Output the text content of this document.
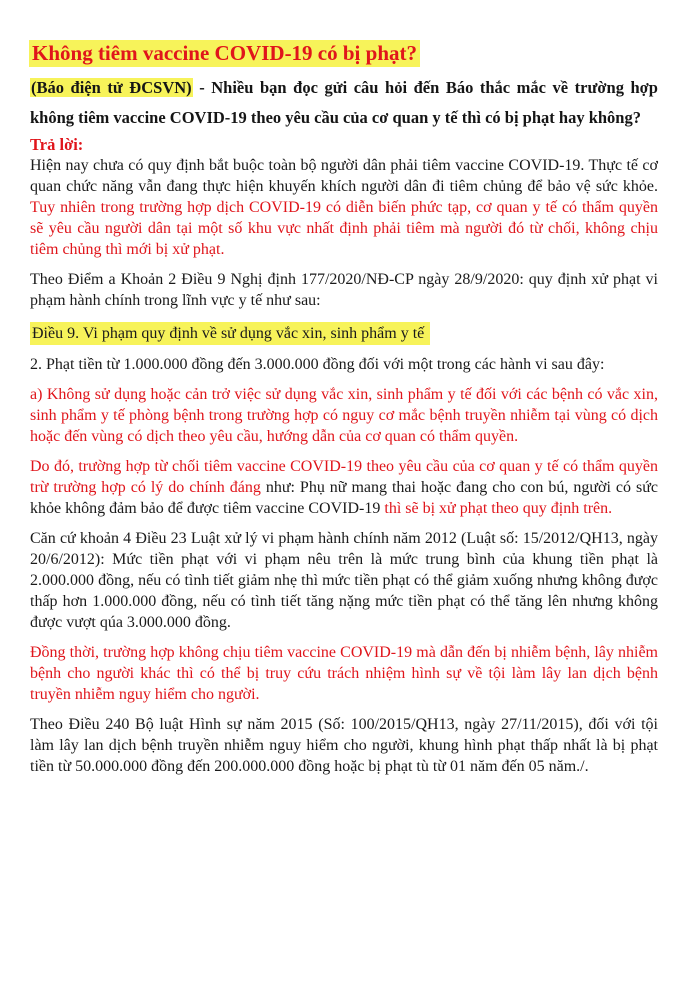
Không tiêm vaccine COVID-19 có bị phạt?

(Báo điện tử ĐCSVN) - Nhiều bạn đọc gửi câu hỏi đến Báo thắc mắc về trường hợp không tiêm vaccine COVID-19 theo yêu cầu của cơ quan y tế thì có bị phạt hay không?

Trả lời:

Hiện nay chưa có quy định bắt buộc toàn bộ người dân phải tiêm vaccine COVID-19. Thực tế cơ quan chức năng vẫn đang thực hiện khuyến khích người dân đi tiêm chủng để bảo vệ sức khỏe. Tuy nhiên trong trường hợp dịch COVID-19 có diễn biến phức tạp, cơ quan y tế có thẩm quyền sẽ yêu cầu người dân tại một số khu vực nhất định phải tiêm mà người đó từ chối, không chịu tiêm chủng thì mới bị xử phạt.

Theo Điểm a Khoản 2 Điều 9 Nghị định 177/2020/NĐ-CP ngày 28/9/2020: quy định xử phạt vi phạm hành chính trong lĩnh vực y tế như sau:

Điều 9. Vi phạm quy định về sử dụng vắc xin, sinh phẩm y tế

2. Phạt tiền từ 1.000.000 đồng đến 3.000.000 đồng đối với một trong các hành vi sau đây:

a) Không sử dụng hoặc cản trở việc sử dụng vắc xin, sinh phẩm y tế đối với các bệnh có vắc xin, sinh phẩm y tế phòng bệnh trong trường hợp có nguy cơ mắc bệnh truyền nhiễm tại vùng có dịch hoặc đến vùng có dịch theo yêu cầu, hướng dẫn của cơ quan có thẩm quyền.

Do đó, trường hợp từ chối tiêm vaccine COVID-19 theo yêu cầu của cơ quan y tế có thẩm quyền trừ trường hợp có lý do chính đáng như: Phụ nữ mang thai hoặc đang cho con bú, người có sức khỏe không đảm bảo để được tiêm vaccine COVID-19 thì sẽ bị xử phạt theo quy định trên.

Căn cứ khoản 4 Điều 23 Luật xử lý vi phạm hành chính năm 2012 (Luật số: 15/2012/QH13, ngày 20/6/2012): Mức tiền phạt với vi phạm nêu trên là mức trung bình của khung tiền phạt là 2.000.000 đồng, nếu có tình tiết giảm nhẹ thì mức tiền phạt có thể giảm xuống nhưng không được thấp hơn 1.000.000 đồng, nếu có tình tiết tăng nặng mức tiền phạt có thể tăng lên nhưng không được vượt qúa 3.000.000 đồng.

Đồng thời, trường hợp không chịu tiêm vaccine COVID-19 mà dẫn đến bị nhiễm bệnh, lây nhiễm bệnh cho người khác thì có thể bị truy cứu trách nhiệm hình sự về tội làm lây lan dịch bệnh truyền nhiễm nguy hiểm cho người.

Theo Điều 240 Bộ luật Hình sự năm 2015 (Số: 100/2015/QH13, ngày 27/11/2015), đối với tội làm lây lan dịch bệnh truyền nhiễm nguy hiểm cho người, khung hình phạt thấp nhất là bị phạt tiền từ 50.000.000 đồng đến 200.000.000 đồng hoặc bị phạt tù từ 01 năm đến 05 năm./.
